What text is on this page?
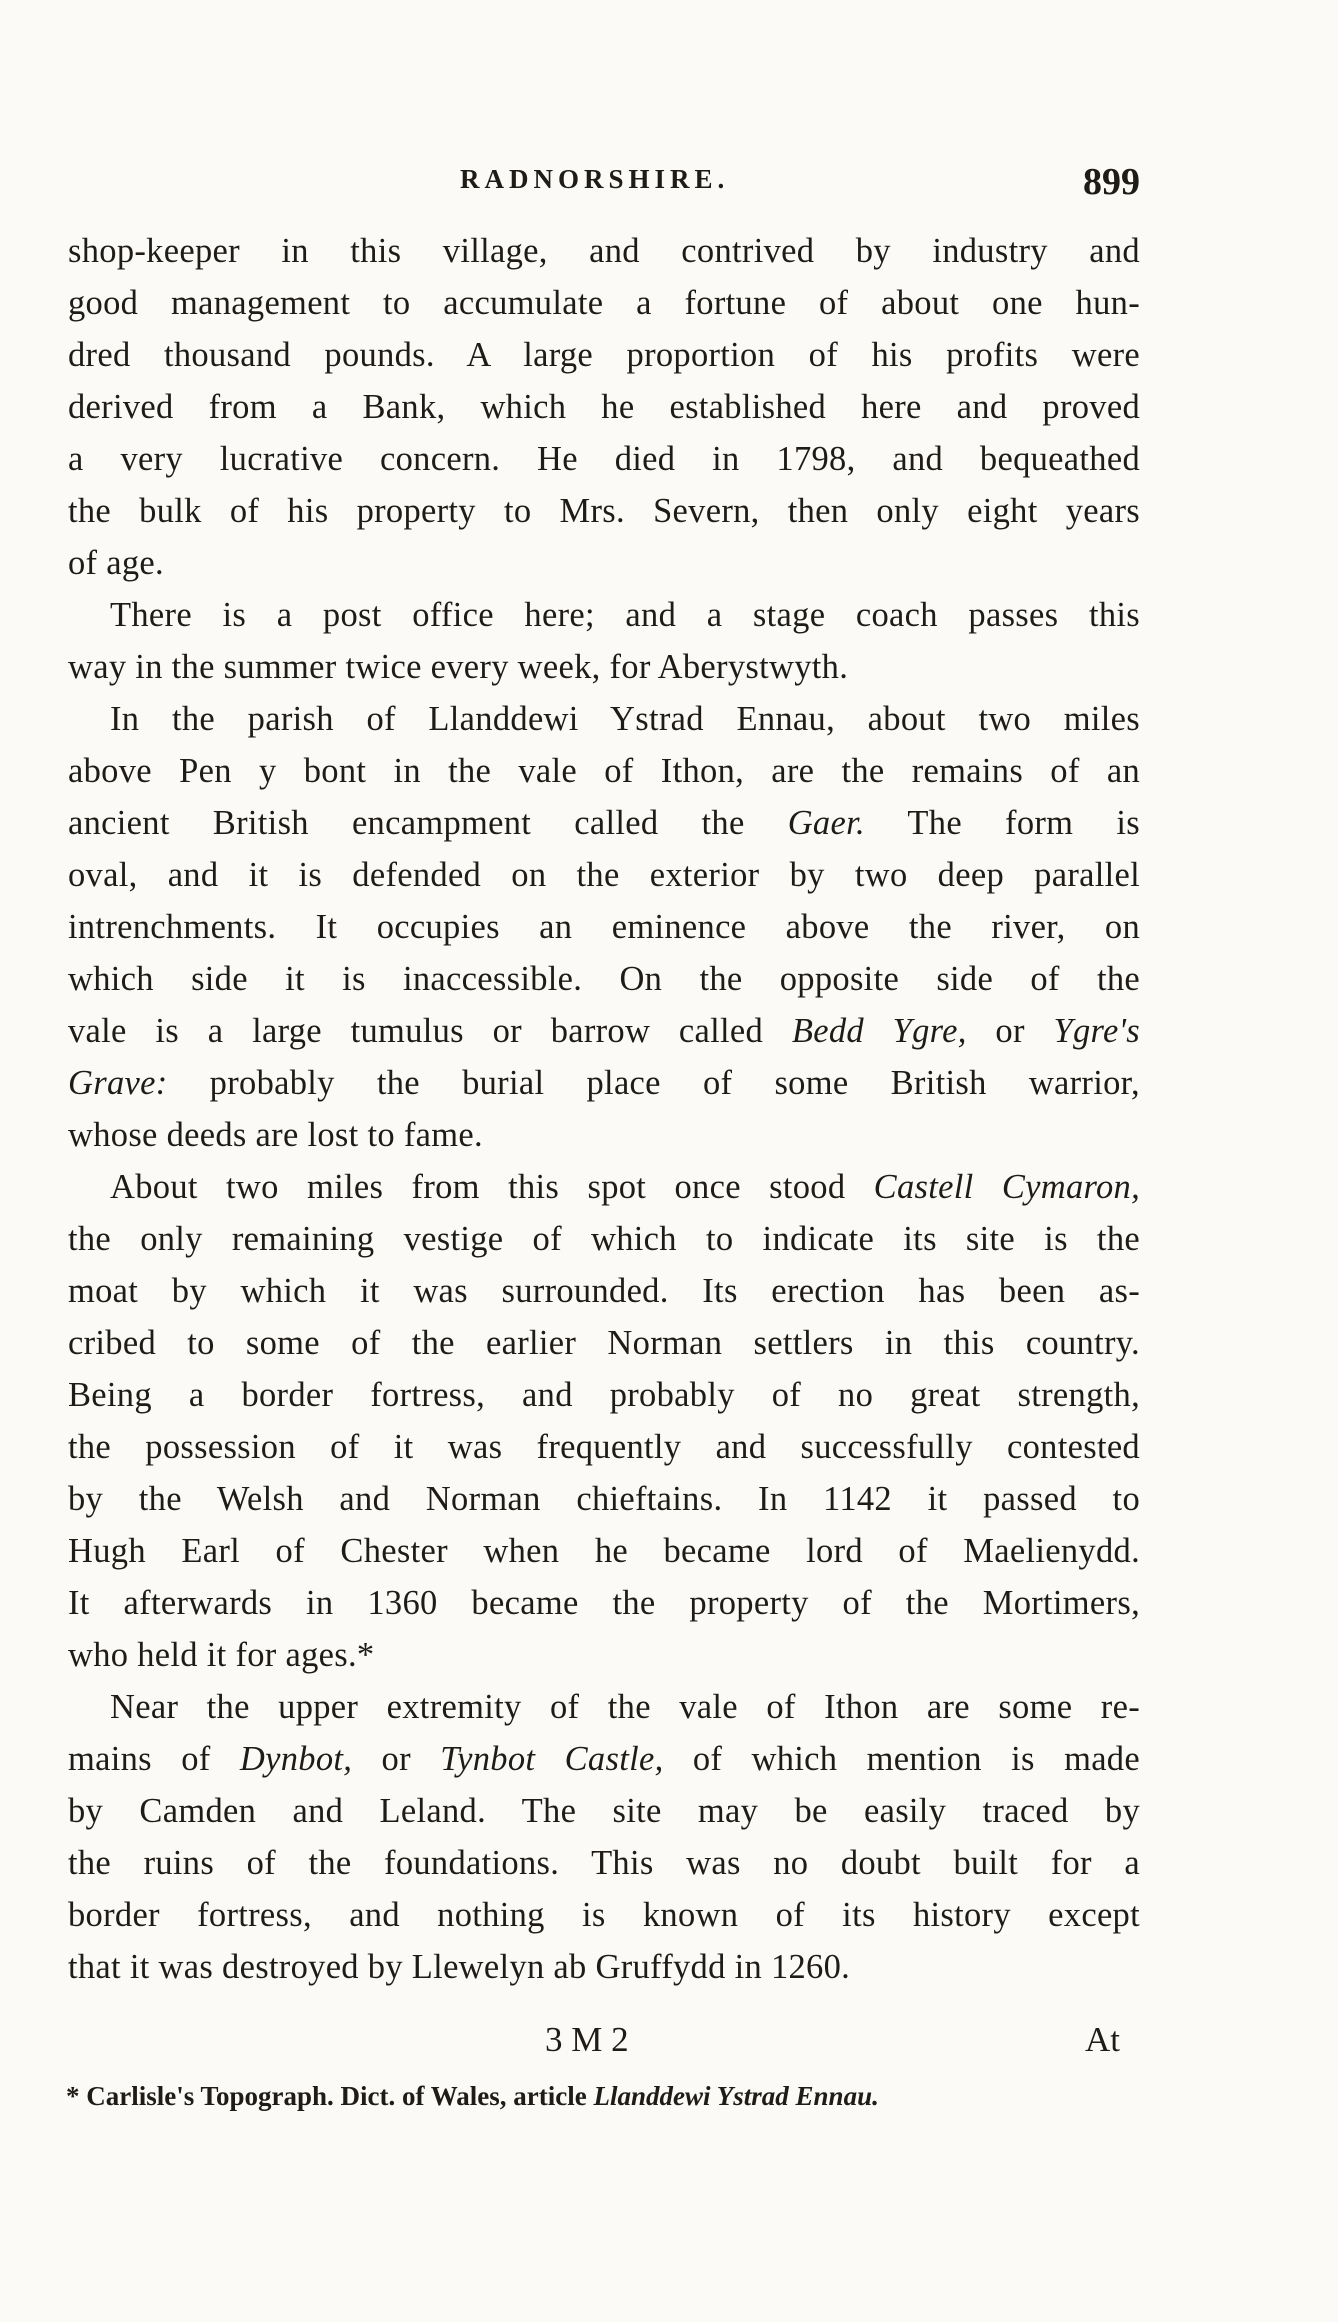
RADNORSHIRE.	899
shop-keeper in this village, and contrived by industry and
good management to accumulate a fortune of about one hun-
dred thousand pounds. A large proportion of his profits were
derived from a Bank, which he established here and proved
a very lucrative concern. He died in 1798, and bequeathed
the bulk of his property to Mrs. Severn, then only eight years
of age.
There is a post office here; and a stage coach passes this
way in the summer twice every week, for Aberystwyth.
In the parish of Llanddewi Ystrad Ennau, about two miles
above Pen y bont in the vale of Ithon, are the remains of an
ancient British encampment called the Gaer. The form is
oval, and it is defended on the exterior by two deep parallel
intrenchments. It occupies an eminence above the river, on
which side it is inaccessible. On the opposite side of the
vale is a large tumulus or barrow called Bedd Ygre, or Ygre's
Grave: probably the burial place of some British warrior,
whose deeds are lost to fame.
About two miles from this spot once stood Castell Cymaron,
the only remaining vestige of which to indicate its site is the
moat by which it was surrounded. Its erection has been as-
cribed to some of the earlier Norman settlers in this country.
Being a border fortress, and probably of no great strength,
the possession of it was frequently and successfully contested
by the Welsh and Norman chieftains. In 1142 it passed to
Hugh Earl of Chester when he became lord of Maelienydd.
It afterwards in 1360 became the property of the Mortimers,
who held it for ages.*
Near the upper extremity of the vale of Ithon are some re-
mains of Dynbot, or Tynbot Castle, of which mention is made
by Camden and Leland. The site may be easily traced by
the ruins of the foundations. This was no doubt built for a
border fortress, and nothing is known of its history except
that it was destroyed by Llewelyn ab Gruffydd in 1260.
3 M 2	At
* Carlisle's Topograph. Dict. of Wales, article Llanddewi Ystrad Ennau.
